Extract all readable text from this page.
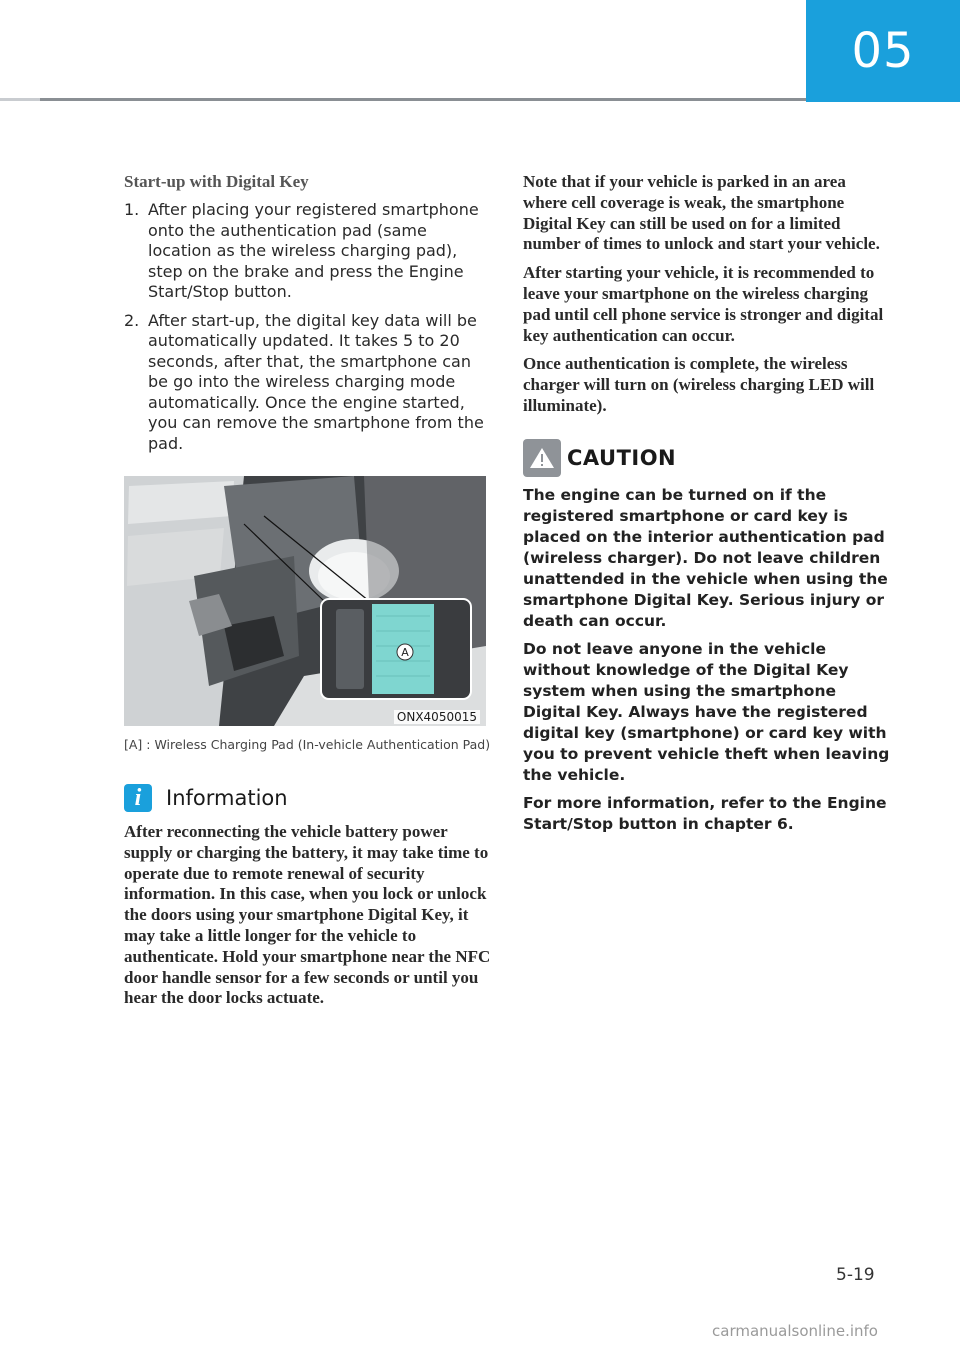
05
Start-up with Digital Key
1. After placing your registered smartphone onto the authentication pad (same location as the wireless charging pad), step on the brake and press the Engine Start/Stop button.
2. After start-up, the digital key data will be automatically updated. It takes 5 to 20 seconds, after that, the smartphone can be go into the wireless charging mode automatically. Once the engine started, you can remove the smartphone from the pad.
A
ONX4050015
[A] : Wireless Charging Pad (In-vehicle Authentication Pad)
i	Information

After reconnecting the vehicle battery power supply or charging the battery, it may take time to operate due to remote renewal of security information. In this case, when you lock or unlock the doors using your smartphone Digital Key, it may take a little longer for the vehicle to authenticate. Hold your smartphone near the NFC door handle sensor for a few seconds or until you hear the door locks actuate.

Note that if your vehicle is parked in an area where cell coverage is weak, the smartphone Digital Key can still be used on for a limited number of times to unlock and start your vehicle.

After starting your vehicle, it is recommended to leave your smartphone on the wireless charging pad until cell phone service is stronger and digital key authentication can occur.

Once authentication is complete, the wireless charger will turn on (wireless charging LED will illuminate).

CAUTION

The engine can be turned on if the registered smartphone or card key is placed on the interior authentication pad (wireless charger). Do not leave children unattended in the vehicle when using the smartphone Digital Key. Serious injury or death can occur.

Do not leave anyone in the vehicle without knowledge of the Digital Key system when using the smartphone Digital Key. Always have the registered digital key (smartphone) or card key with you to prevent vehicle theft when leaving the vehicle.

For more information, refer to the Engine Start/Stop button in chapter 6.

5-19
carmanualsonline.info
